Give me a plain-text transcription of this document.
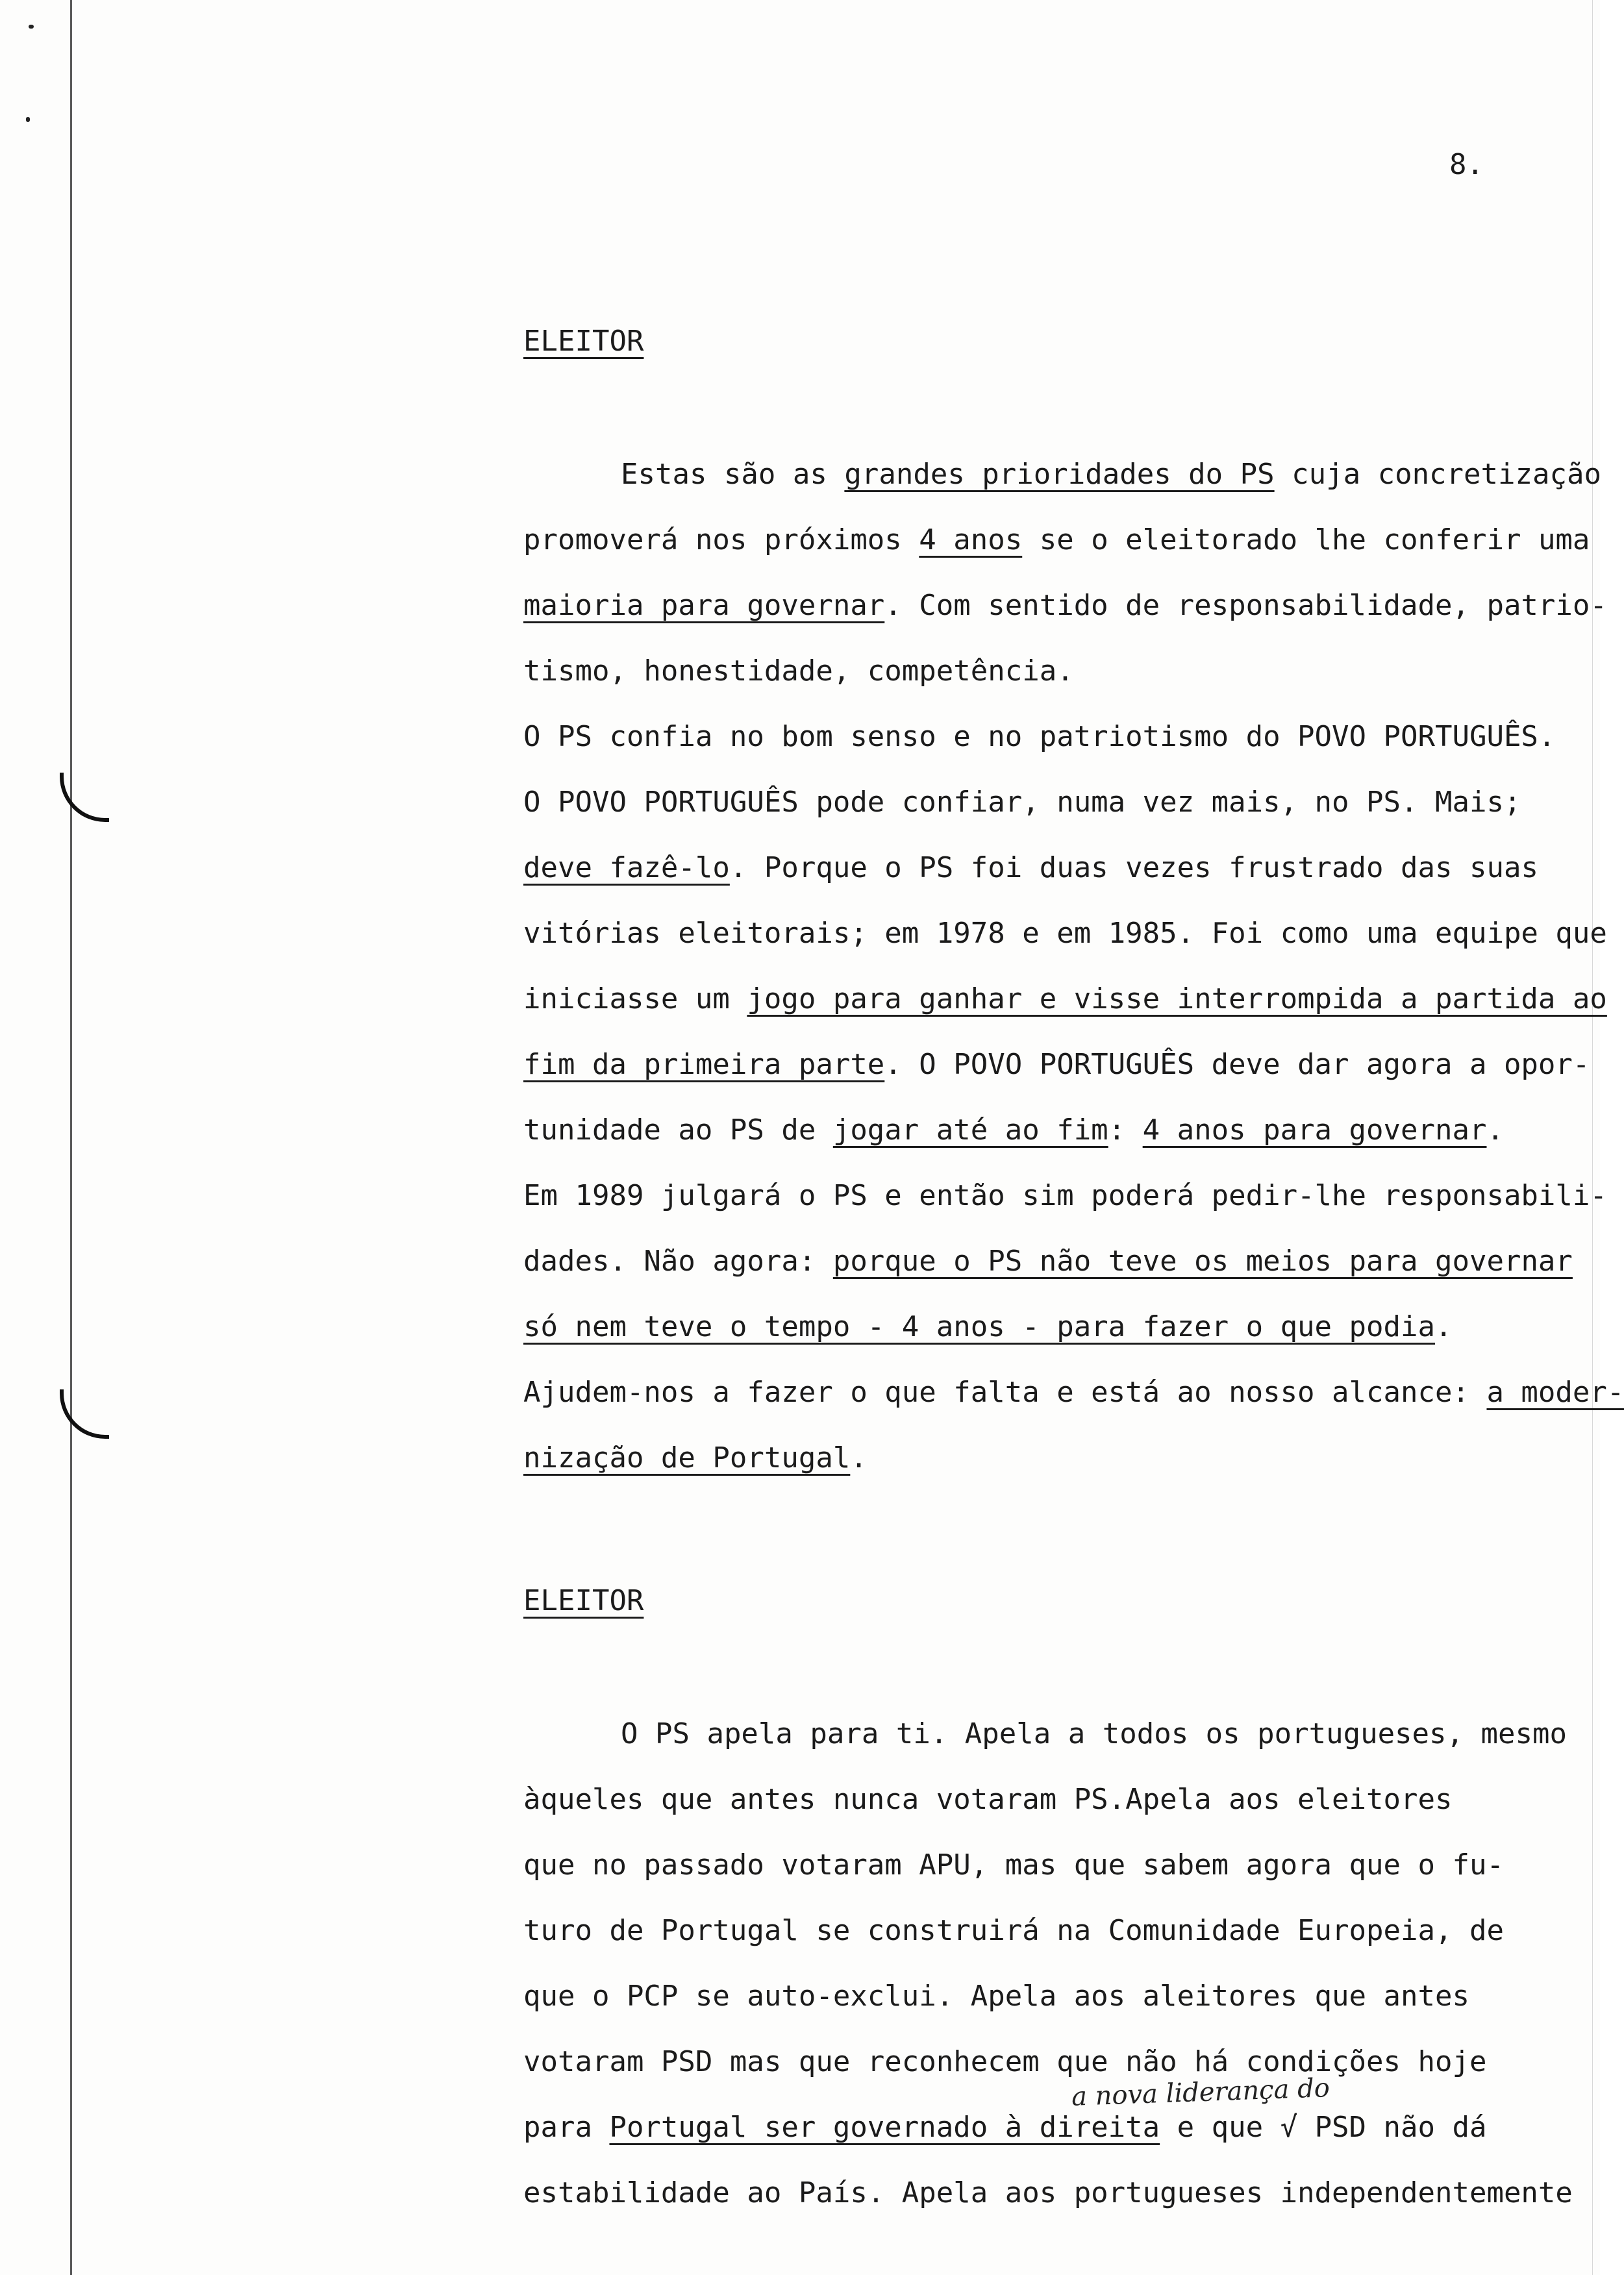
8.
ELEITOR
Estas são as grandes prioridades do PS cuja concretização
promoverá nos próximos 4 anos se o eleitorado lhe conferir uma
maioria para governar. Com sentido de responsabilidade, patrio-
tismo, honestidade, competência.
O PS confia no bom senso e no patriotismo do POVO PORTUGUÊS.
O POVO PORTUGUÊS pode confiar, numa vez mais, no PS. Mais;
deve fazê-lo. Porque o PS foi duas vezes frustrado das suas
vitórias eleitorais; em 1978 e em 1985. Foi como uma equipe que
iniciasse um jogo para ganhar e visse interrompida a partida ao
fim da primeira parte. O POVO PORTUGUÊS deve dar agora a opor-
tunidade ao PS de jogar até ao fim: 4 anos para governar.
Em 1989 julgará o PS e então sim poderá pedir-lhe responsabili-
dades. Não agora: porque o PS não teve os meios para governar
só nem teve o tempo - 4 anos - para fazer o que podia.
Ajudem-nos a fazer o que falta e está ao nosso alcance: a moder-
nização de Portugal.
ELEITOR
O PS apela para ti. Apela a todos os portugueses, mesmo
àqueles que antes nunca votaram PS.Apela aos eleitores
que no passado votaram APU, mas que sabem agora que o fu-
turo de Portugal se construirá na Comunidade Europeia, de
que o PCP se auto-exclui. Apela aos aleitores que antes
votaram PSD mas que reconhecem que não há condições hoje
para Portugal ser governado à direita e que √ PSD não dá
estabilidade ao País. Apela aos portugueses independentemente
a nova liderança do
